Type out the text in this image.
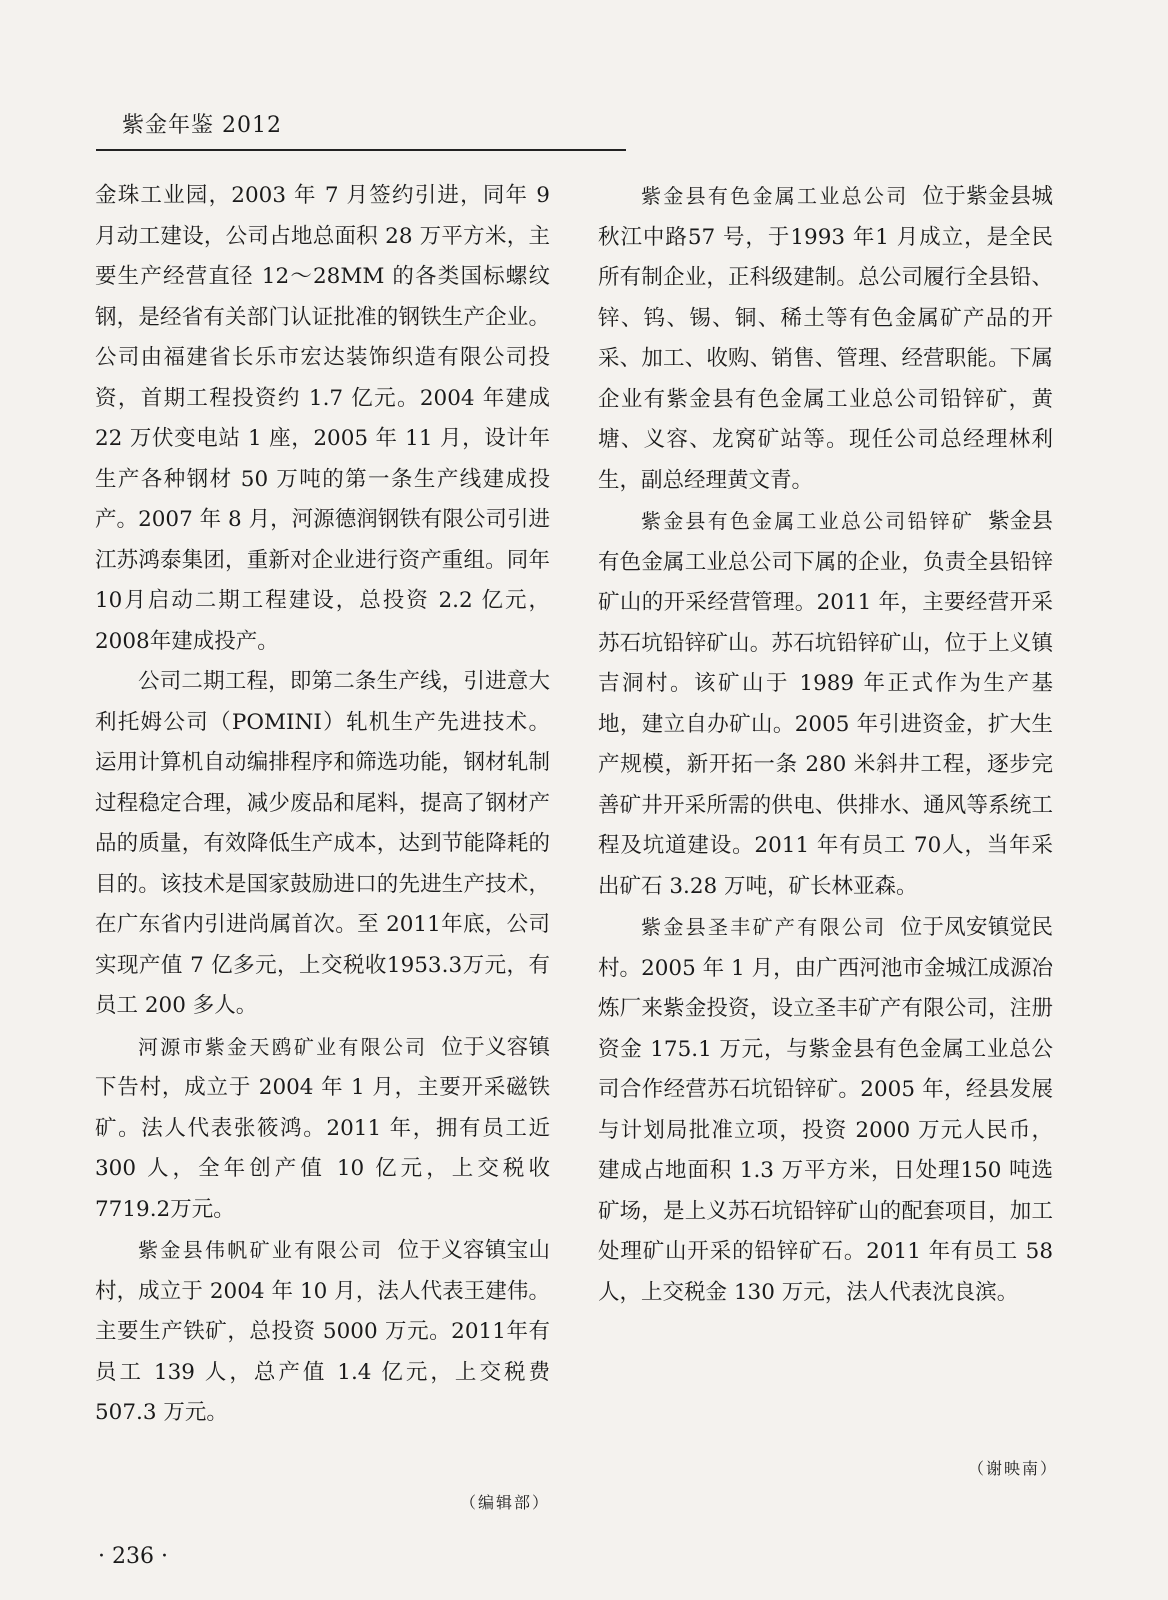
紫金年鉴 2012

金珠工业园，2003 年 7 月签约引进，同年 9 月动工建设，公司占地总面积 28 万平方米，主要生产经营直径 12～28MM 的各类国标螺纹钢，是经省有关部门认证批准的钢铁生产企业。公司由福建省长乐市宏达装饰织造有限公司投资，首期工程投资约 1.7 亿元。2004 年建成22 万伏变电站 1 座，2005 年 11 月，设计年生产各种钢材 50 万吨的第一条生产线建成投产。2007 年 8 月，河源德润钢铁有限公司引进江苏鸿泰集团，重新对企业进行资产重组。同年 10月启动二期工程建设，总投资 2.2 亿元，2008年建成投产。

公司二期工程，即第二条生产线，引进意大利托姆公司（POMINI）轧机生产先进技术。运用计算机自动编排程序和筛选功能，钢材轧制过程稳定合理，减少废品和尾料，提高了钢材产品的质量，有效降低生产成本，达到节能降耗的目的。该技术是国家鼓励进口的先进生产技术，在广东省内引进尚属首次。至 2011年底，公司实现产值 7 亿多元，上交税收1953.3万元，有员工 200 多人。

河源市紫金天鸥矿业有限公司 位于义容镇下告村，成立于 2004 年 1 月，主要开采磁铁矿。法人代表张筱鸿。2011 年，拥有员工近300 人，全年创产值 10 亿元，上交税收 7719.2万元。

紫金县伟帆矿业有限公司 位于义容镇宝山村，成立于 2004 年 10 月，法人代表王建伟。主要生产铁矿，总投资 5000 万元。2011年有员工 139 人，总产值 1.4 亿元，上交税费507.3 万元。

（编辑部）

紫金县有色金属工业总公司 位于紫金县城秋江中路57 号，于1993 年1 月成立，是全民所有制企业，正科级建制。总公司履行全县铅、锌、钨、锡、铜、稀土等有色金属矿产品的开采、加工、收购、销售、管理、经营职能。下属企业有紫金县有色金属工业总公司铅锌矿，黄塘、义容、龙窝矿站等。现任公司总经理林利生，副总经理黄文青。

紫金县有色金属工业总公司铅锌矿 紫金县有色金属工业总公司下属的企业，负责全县铅锌矿山的开采经营管理。2011 年，主要经营开采苏石坑铅锌矿山。苏石坑铅锌矿山，位于上义镇吉洞村。该矿山于 1989 年正式作为生产基地，建立自办矿山。2005 年引进资金，扩大生产规模，新开拓一条 280 米斜井工程，逐步完善矿井开采所需的供电、供排水、通风等系统工程及坑道建设。2011 年有员工 70人，当年采出矿石 3.28 万吨，矿长林亚森。

紫金县圣丰矿产有限公司 位于凤安镇觉民村。2005 年 1 月，由广西河池市金城江成源冶炼厂来紫金投资，设立圣丰矿产有限公司，注册资金 175.1 万元，与紫金县有色金属工业总公司合作经营苏石坑铅锌矿。2005 年，经县发展与计划局批准立项，投资 2000 万元人民币，建成占地面积 1.3 万平方米，日处理150 吨选矿场，是上义苏石坑铅锌矿山的配套项目，加工处理矿山开采的铅锌矿石。2011 年有员工 58 人，上交税金 130 万元，法人代表沈良滨。

（谢映南）
· 236 ·
